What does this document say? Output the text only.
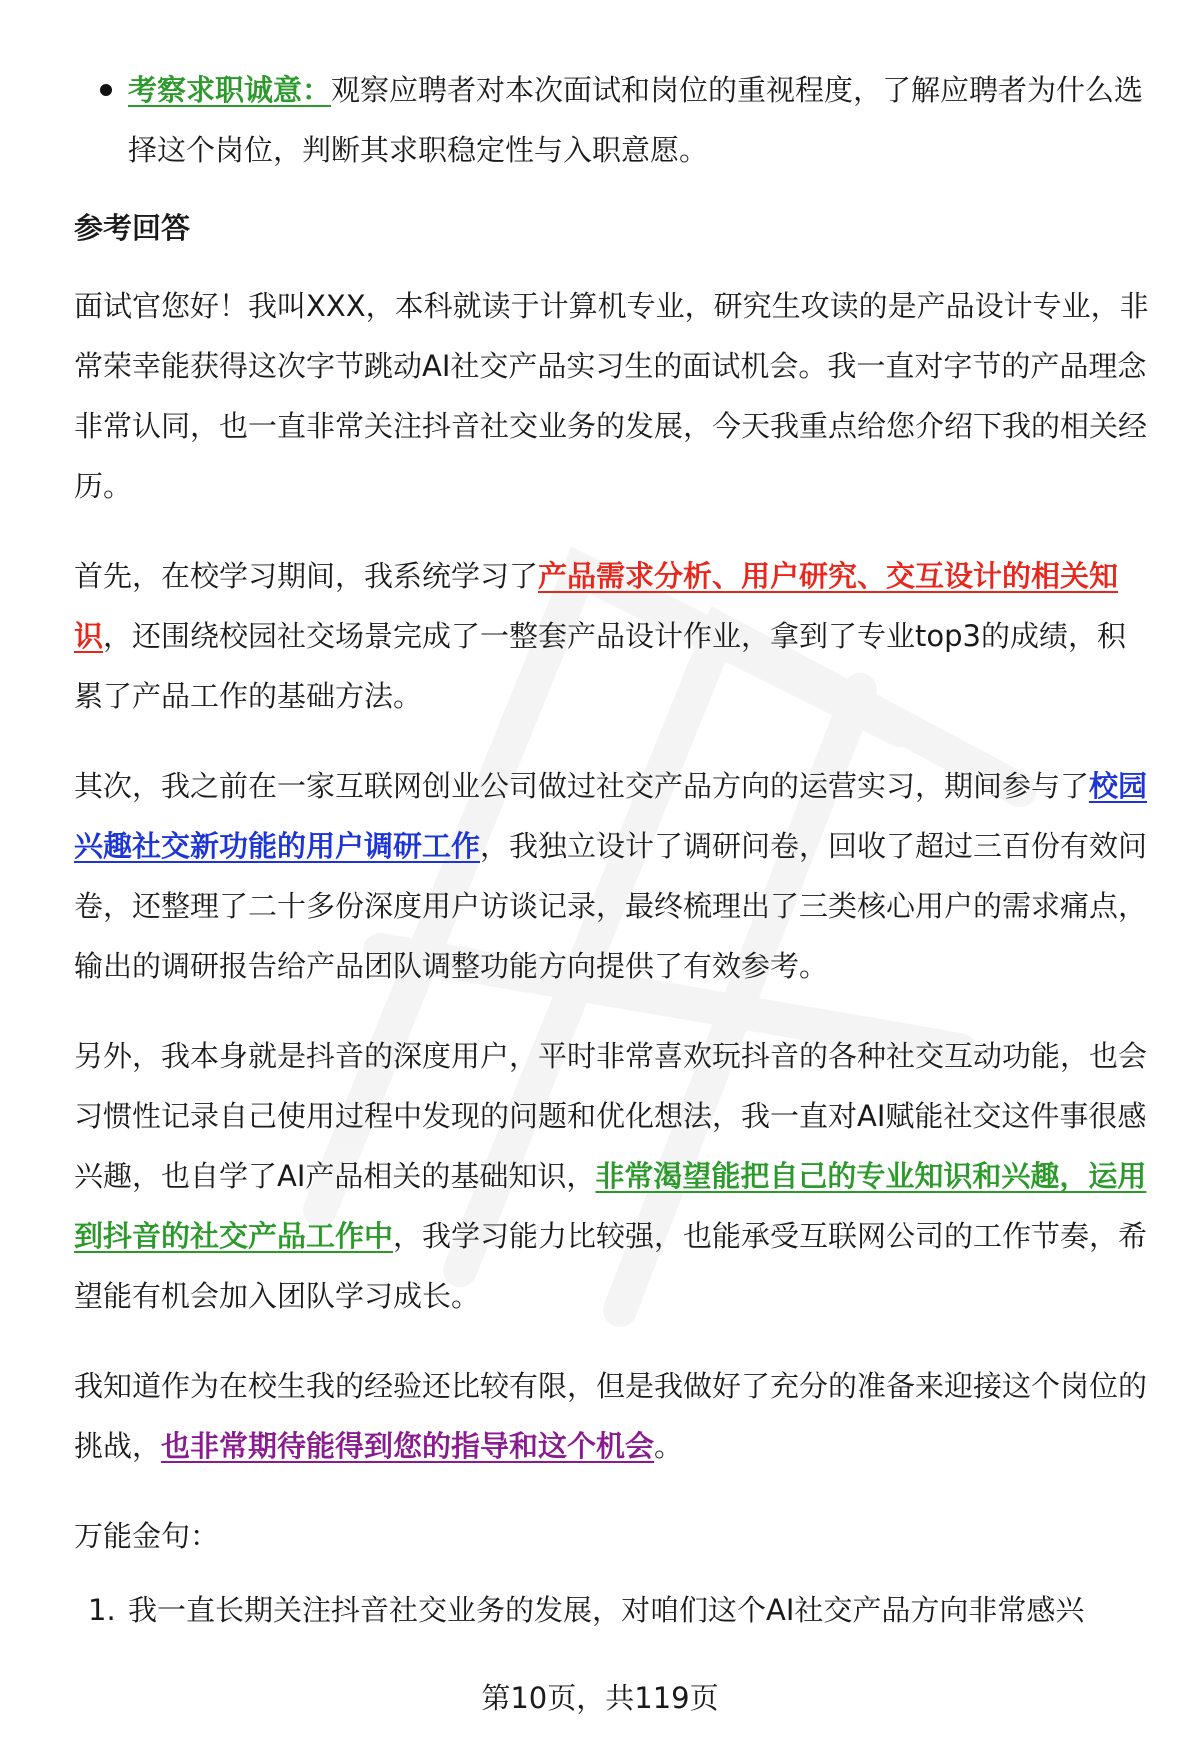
考察求职诚意：观察应聘者对本次面试和岗位的重视程度，了解应聘者为什么选择这个岗位，判断其求职稳定性与入职意愿。

参考回答

面试官您好！我叫XXX，本科就读于计算机专业，研究生攻读的是产品设计专业，非常荣幸能获得这次字节跳动AI社交产品实习生的面试机会。我一直对字节的产品理念非常认同，也一直非常关注抖音社交业务的发展，今天我重点给您介绍下我的相关经历。

首先，在校学习期间，我系统学习了产品需求分析、用户研究、交互设计的相关知识，还围绕校园社交场景完成了一整套产品设计作业，拿到了专业top3的成绩，积累了产品工作的基础方法。

其次，我之前在一家互联网创业公司做过社交产品方向的运营实习，期间参与了校园兴趣社交新功能的用户调研工作，我独立设计了调研问卷，回收了超过三百份有效问卷，还整理了二十多份深度用户访谈记录，最终梳理出了三类核心用户的需求痛点，输出的调研报告给产品团队调整功能方向提供了有效参考。

另外，我本身就是抖音的深度用户，平时非常喜欢玩抖音的各种社交互动功能，也会习惯性记录自己使用过程中发现的问题和优化想法，我一直对AI赋能社交这件事很感兴趣，也自学了AI产品相关的基础知识，非常渴望能把自己的专业知识和兴趣，运用到抖音的社交产品工作中，我学习能力比较强，也能承受互联网公司的工作节奏，希望能有机会加入团队学习成长。

我知道作为在校生我的经验还比较有限，但是我做好了充分的准备来迎接这个岗位的挑战，也非常期待能得到您的指导和这个机会。

万能金句：

1. 我一直长期关注抖音社交业务的发展，对咱们这个AI社交产品方向非常感兴

第10页，共119页
